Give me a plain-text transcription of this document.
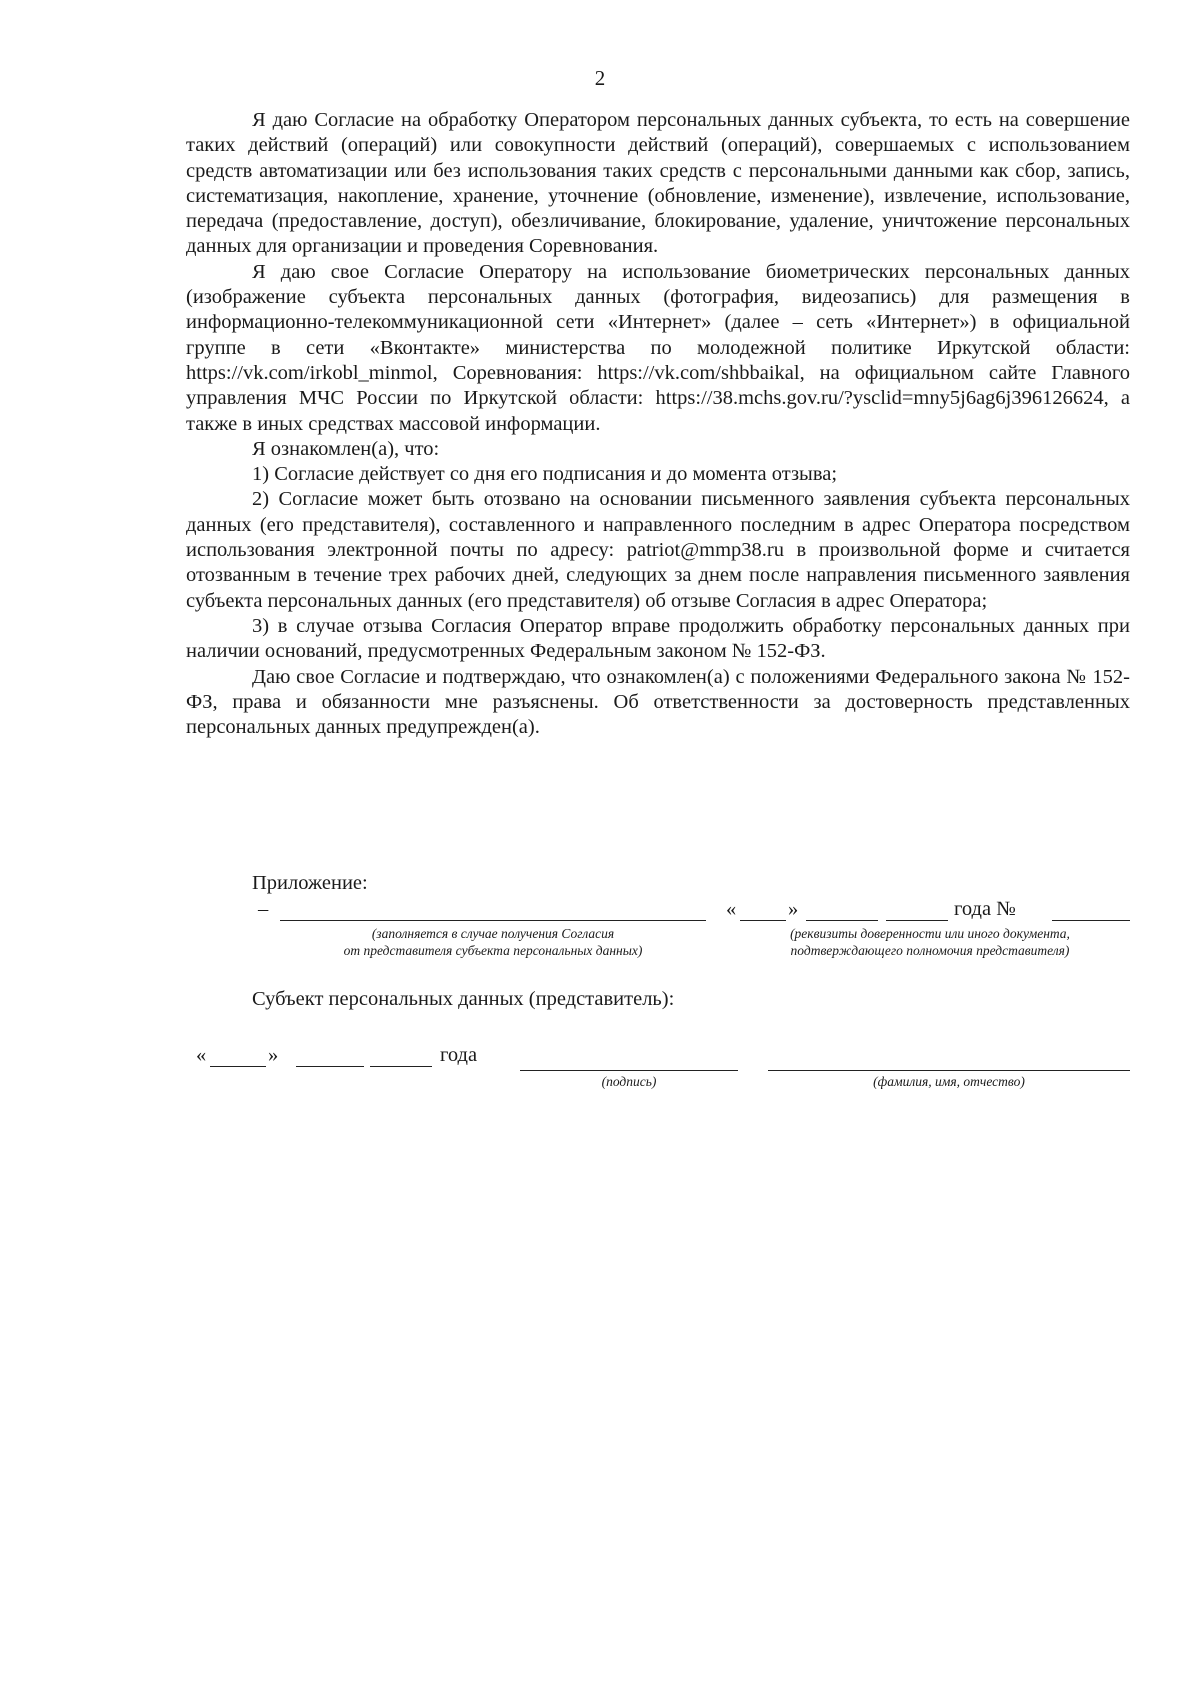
2

Я даю Согласие на обработку Оператором персональных данных субъекта, то есть на совершение таких действий (операций) или совокупности действий (операций), совершаемых с использованием средств автоматизации или без использования таких средств с персональными данными как сбор, запись, систематизация, накопление, хранение, уточнение (обновление, изменение), извлечение, использование, передача (предоставление, доступ), обезличивание, блокирование, удаление, уничтожение персональных данных для организации и проведения Соревнования.

Я даю свое Согласие Оператору на использование биометрических персональных данных (изображение субъекта персональных данных (фотография, видеозапись) для размещения в информационно-телекоммуникационной сети «Интернет» (далее – сеть «Интернет») в официальной группе в сети «Вконтакте» министерства по молодежной политике Иркутской области: https://vk.com/irkobl_minmol, Соревнования: https://vk.com/shbbaikal, на официальном сайте Главного управления МЧС России по Иркутской области: https://38.mchs.gov.ru/?ysclid=mny5j6ag6j396126624, а также в иных средствах массовой информации.

Я ознакомлен(а), что:

1) Согласие действует со дня его подписания и до момента отзыва;

2) Согласие может быть отозвано на основании письменного заявления субъекта персональных данных (его представителя), составленного и направленного последним в адрес Оператора посредством использования электронной почты по адресу: patriot@mmp38.ru в произвольной форме и считается отозванным в течение трех рабочих дней, следующих за днем после направления письменного заявления субъекта персональных данных (его представителя) об отзыве Согласия в адрес Оператора;

3) в случае отзыва Согласия Оператор вправе продолжить обработку персональных данных при наличии оснований, предусмотренных Федеральным законом № 152-ФЗ.

Даю свое Согласие и подтверждаю, что ознакомлен(а) с положениями Федерального закона № 152-ФЗ, права и обязанности мне разъяснены. Об ответственности за достоверность представленных персональных данных предупрежден(а).

Приложение:
–	«	»	года №
(заполняется в случае получения Согласия
от представителя субъекта персональных данных)
(реквизиты доверенности или иного документа,
подтверждающего полномочия представителя)
Субъект персональных данных (представитель):
«	»	года
(подпись)	(фамилия, имя, отчество)
